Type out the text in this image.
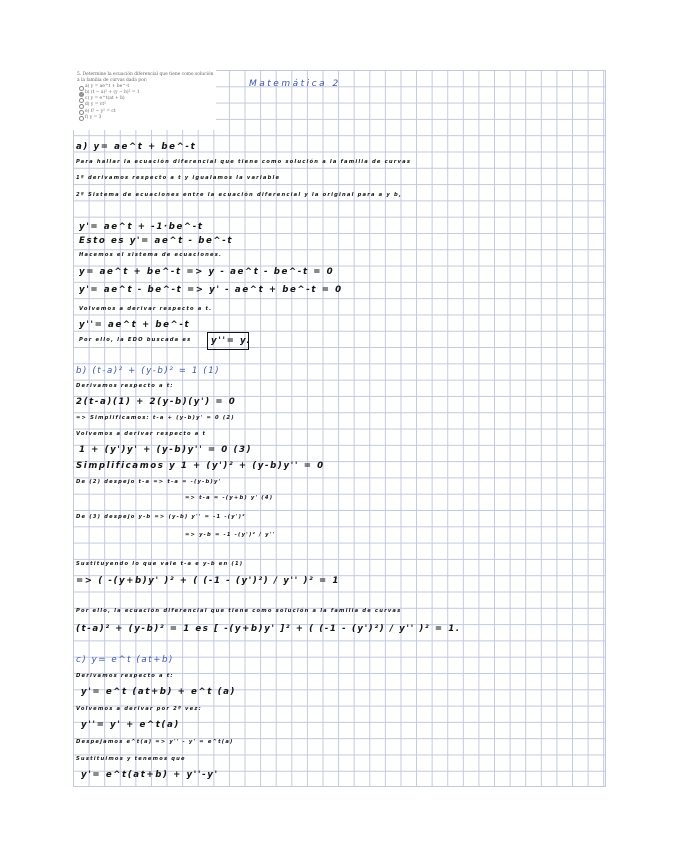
5. Determine la ecuación diferencial que tiene como solución a la familia de curvas dada por:
a) y = ae^t + be^-t
b) (t − a)² + (y − b)² = 1
c) y = e^t(at + b)
d) y = ct²
e) t² − y² = ct
f) y = 3
Matemática 2
a) y= ae^t + be^-t
Para hallar la ecuación diferencial que tiene como solución a la familia de curvas
1º derivamos respecto a t y igualamos la variable
2º Sistema de ecuaciones entre la ecuación diferencial y la original para a y b,
y'= ae^t + -1·be^-t
Esto es y'= ae^t - be^-t
Hacemos el sistema de ecuaciones.
y= ae^t + be^-t => y - ae^t - be^-t = 0
y'= ae^t - be^-t => y' - ae^t + be^-t = 0
Volvemos a derivar respecto a t.
y''= ae^t + be^-t
Por ello, la EDO buscada es y''= y.
b) (t-a)² + (y-b)² = 1 (1)
Derivamos respecto a t:
2(t-a)(1) + 2(y-b)(y') = 0
=> Simplificamos: t-a + (y-b)y' = 0 (2)
Volvemos a derivar respecto a t
1 + (y')y' + (y-b)y'' = 0 (3)
Simplificamos y 1 + (y')² + (y-b)y'' = 0
De (2) despejo t-a => t-a = -(y-b)y'
=> t-a = -(y+b) y' (4)
De (3) despejo y-b => (y-b) y'' = -1 -(y')²
=> y-b = -1 -(y')² / y''
Sustituyendo lo que vale t-a e y-b en (1)
=> ( -(y+b)y' )² + ( (-1 - (y')²) / y'' )² = 1
Por ello, la ecuación diferencial que tiene como solución a la familia de curvas
(t-a)² + (y-b)² = 1 es [ -(y+b)y' ]² + ( (-1 - (y')²) / y'' )² = 1.
c) y= e^t (at+b)
Derivamos respecto a t:
y'= e^t (at+b) + e^t (a)
Volvemos a derivar por 2ª vez:
y''= y' + e^t(a)
Despejamos e^t(a) => y'' - y' = e^t(a)
Sustituimos y tenemos que
y'= e^t(at+b) + y''-y'
